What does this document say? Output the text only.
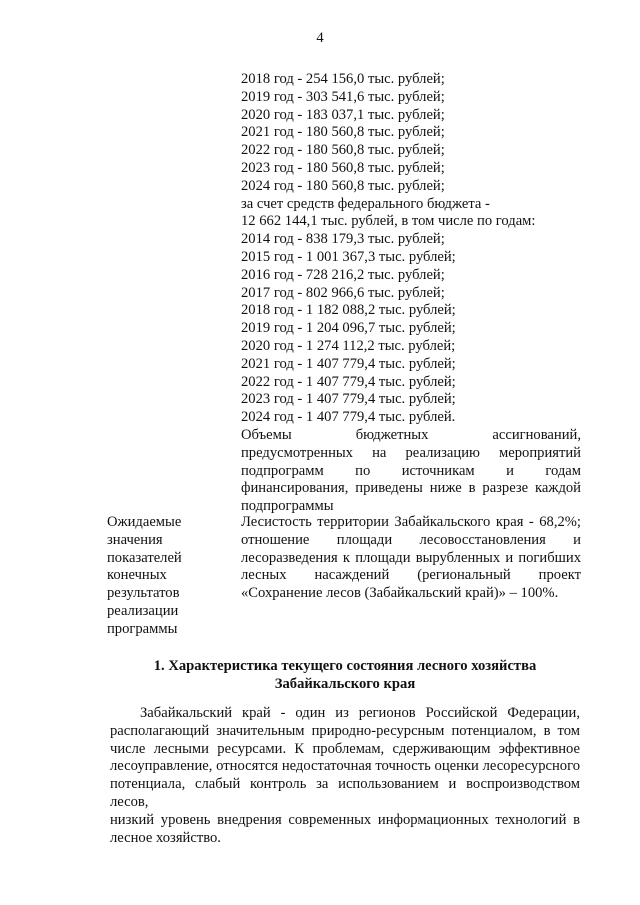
4
2018 год - 254 156,0 тыс. рублей;
2019 год - 303 541,6 тыс. рублей;
2020 год - 183 037,1 тыс. рублей;
2021 год - 180 560,8 тыс. рублей;
2022 год - 180 560,8 тыс. рублей;
2023 год - 180 560,8 тыс. рублей;
2024 год - 180 560,8 тыс. рублей;
за счет средств федерального бюджета -
12 662 144,1 тыс. рублей, в том числе по годам:
2014 год - 838 179,3 тыс. рублей;
2015 год - 1 001 367,3 тыс. рублей;
2016 год - 728 216,2 тыс. рублей;
2017 год - 802 966,6 тыс. рублей;
2018 год - 1 182 088,2 тыс. рублей;
2019 год - 1 204 096,7 тыс. рублей;
2020 год - 1 274 112,2 тыс. рублей;
2021 год - 1 407 779,4 тыс. рублей;
2022 год - 1 407 779,4 тыс. рублей;
2023 год - 1 407 779,4 тыс. рублей;
2024 год - 1 407 779,4 тыс. рублей.
Объемы бюджетных ассигнований,
предусмотренных на реализацию мероприятий
подпрограмм по источникам и годам
финансирования, приведены ниже в разрезе каждой
подпрограммы
Ожидаемые
значения
показателей
конечных
результатов
реализации
программы
Лесистость территории Забайкальского края - 68,2%;
отношение площади лесовосстановления и
лесоразведения к площади вырубленных и погибших
лесных насаждений (региональный проект
«Сохранение лесов (Забайкальский край)» – 100%.
1. Характеристика текущего состояния лесного хозяйства
Забайкальского края
Забайкальский край - один из регионов Российской Федерации,
располагающий значительным природно-ресурсным потенциалом, в том
числе лесными ресурсами. К проблемам, сдерживающим эффективное
лесоуправление, относятся недостаточная точность оценки лесоресурсного
потенциала, слабый контроль за использованием и воспроизводством лесов,
низкий уровень внедрения современных информационных технологий в
лесное хозяйство.
